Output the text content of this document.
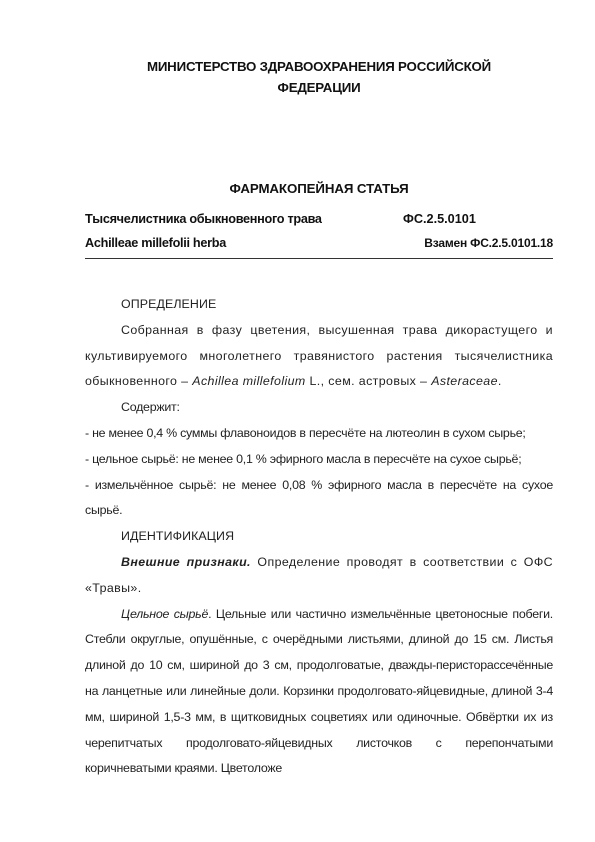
МИНИСТЕРСТВО ЗДРАВООХРАНЕНИЯ РОССИЙСКОЙ
ФЕДЕРАЦИИ
ФАРМАКОПЕЙНАЯ СТАТЬЯ
Тысячелистника обыкновенного трава	ФС.2.5.0101
Achilleae millefolii herba	Взамен ФС.2.5.0101.18

ОПРЕДЕЛЕНИЕ

Собранная в фазу цветения, высушенная трава дикорастущего и культивируемого многолетнего травянистого растения тысячелистника обыкновенного – Achillea millefolium L., сем. астровых – Asteraceae.

Содержит:

- не менее 0,4 % суммы флавоноидов в пересчёте на лютеолин в сухом сырье;

- цельное сырьё: не менее 0,1 % эфирного масла в пересчёте на сухое сырьё;

- измельчённое сырьё: не менее 0,08 % эфирного масла в пересчёте на сухое сырьё.

ИДЕНТИФИКАЦИЯ

Внешние признаки. Определение проводят в соответствии с ОФС «Травы».

Цельное сырьё. Цельные или частично измельчённые цветоносные побеги. Стебли округлые, опушённые, с очерёдными листьями, длиной до 15 см. Листья длиной до 10 см, шириной до 3 см, продолговатые, дважды-перисторассечённые на ланцетные или линейные доли. Корзинки продолговато-яйцевидные, длиной 3-4 мм, шириной 1,5-3 мм, в щитковидных соцветиях или одиночные. Обвёртки их из черепитчатых продолговато-яйцевидных листочков с перепончатыми коричневатыми краями. Цветоложе
